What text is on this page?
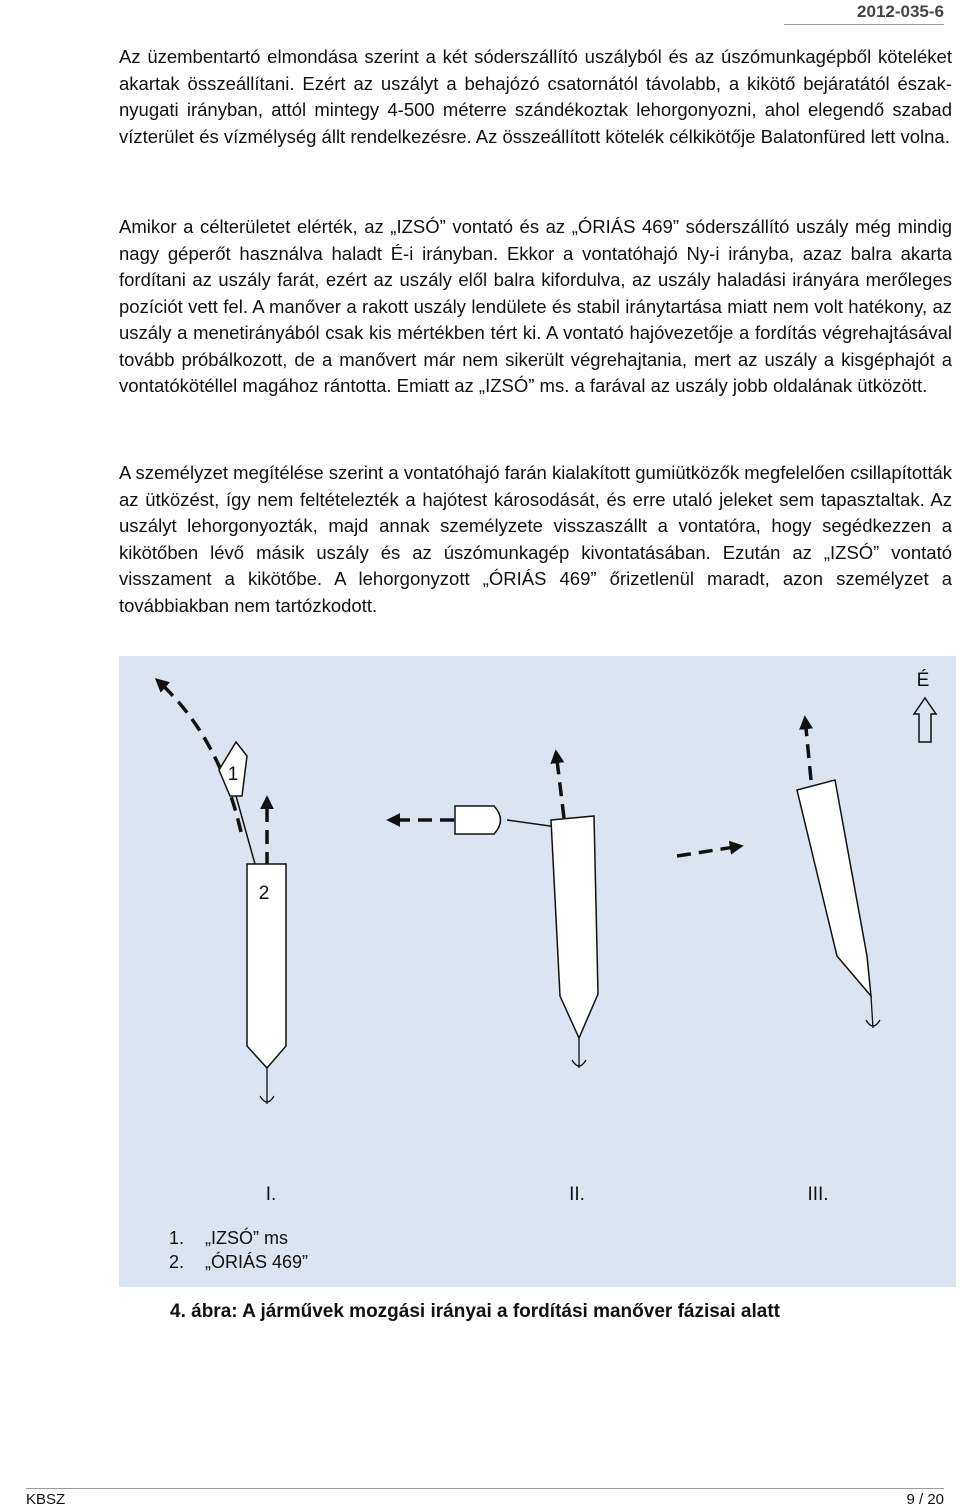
2012-035-6

Az üzembentartó elmondása szerint a két sóderszállító uszályból és az úszómunkagépből köteléket akartak összeállítani. Ezért az uszályt a behajózó csatornától távolabb, a kikötő bejáratától észak-nyugati irányban, attól mintegy 4-500 méterre szándékoztak lehorgonyozni, ahol elegendő szabad vízterület és vízmélység állt rendelkezésre. Az összeállított kötelék célkikötője Balatonfüred lett volna.

Amikor a célterületet elérték, az „IZSÓ” vontató és az „ÓRIÁS 469” sóderszállító uszály még mindig nagy géperőt használva haladt É-i irányban. Ekkor a vontatóhajó Ny-i irányba, azaz balra akarta fordítani az uszály farát, ezért az uszály elől balra kifordulva, az uszály haladási irányára merőleges pozíciót vett fel. A manőver a rakott uszály lendülete és stabil iránytartása miatt nem volt hatékony, az uszály a menetirányából csak kis mértékben tért ki. A vontató hajóvezetője a fordítás végrehajtásával tovább próbálkozott, de a manővert már nem sikerült végrehajtania, mert az uszály a kisgéphajót a vontatókötéllel magához rántotta. Emiatt az „IZSÓ” ms. a farával az uszály jobb oldalának ütközött.

A személyzet megítélése szerint a vontatóhajó farán kialakított gumiütközők megfelelően csillapították az ütközést, így nem feltételezték a hajótest károsodását, és erre utaló jeleket sem tapasztaltak. Az uszályt lehorgonyozták, majd annak személyzete visszaszállt a vontatóra, hogy segédkezzen a kikötőben lévő másik uszály és az úszómunkagép kivontatásában. Ezután az „IZSÓ” vontató visszament a kikötőbe. A lehorgonyzott „ÓRIÁS 469” őrizetlenül maradt, azon személyzet a továbbiakban nem tartózkodott.

É
1
2
I.	II.	III.
1. „IZSÓ” ms
2. „ÓRIÁS 469”
4. ábra: A járművek mozgási irányai a fordítási manőver fázisai alatt
KBSZ	9 / 20
